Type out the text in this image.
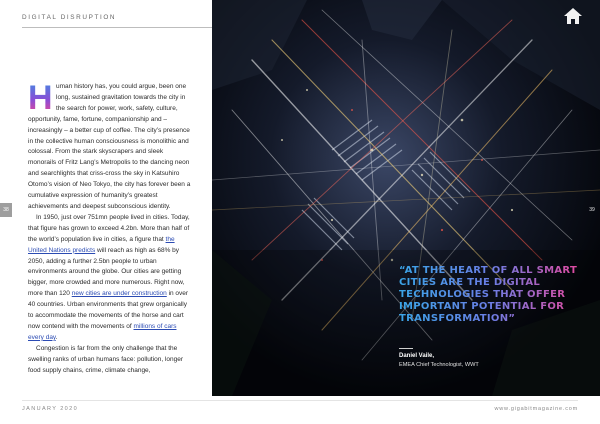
DIGITAL DISRUPTION

H uman history has, you could argue, been one long, sustained gravitation towards the city in the search for power, work, safety, culture, opportunity, fame, fortune, companionship and – increasingly – a better cup of coffee. The city’s presence in the collective human consciousness is monolithic and colossal. From the stark skyscrapers and sleek monorails of Fritz Lang’s Metropolis to the dancing neon and searchlights that criss-cross the sky in Katsuhiro Otomo’s vision of Neo Tokyo, the city has forever been a cumulative expression of humanity’s greatest achievements and deepest subconscious identity.

In 1950, just over 751mn people lived in cities. Today, that figure has grown to exceed 4.2bn. More than half of the world’s population live in cities, a figure that the United Nations predicts will reach as high as 68% by 2050, adding a further 2.5bn people to urban environments around the globe. Our cities are getting bigger, more crowded and more numerous. Right now, more than 120 new cities are under construction in over 40 countries. Urban environments that grew organically to accommodate the movements of the horse and cart now contend with the movements of millions of cars every day.

Congestion is far from the only challenge that the swelling ranks of urban humans face: pollution, longer food supply chains, crime, climate change,

JANUARY 2020
38	39
“AT THE HEART OF ALL SMART CITIES ARE THE DIGITAL TECHNOLOGIES THAT OFFER IMPORTANT POTENTIAL FOR TRANSFORMATION”
Daniel Vaile,
EMEA Chief Technologist, WWT
www.gigabitmagazine.com
